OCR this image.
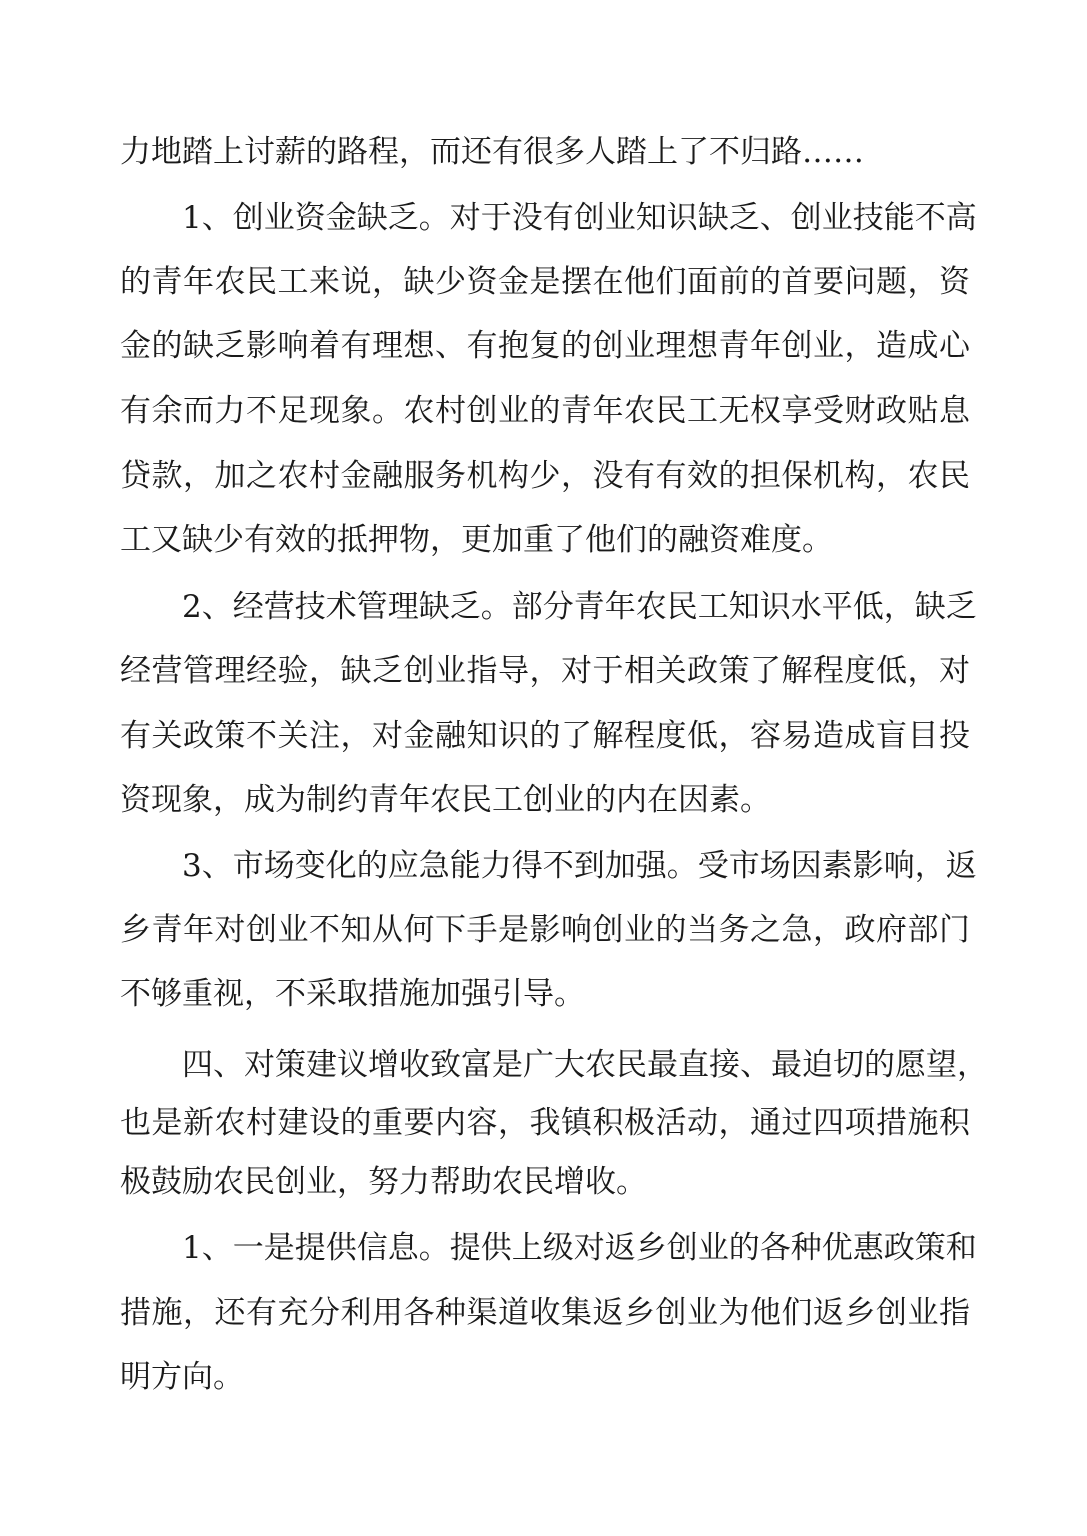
力地踏上讨薪的路程，而还有很多人踏上了不归路……
1、创业资金缺乏。对于没有创业知识缺乏、创业技能不高
的青年农民工来说，缺少资金是摆在他们面前的首要问题，资
金的缺乏影响着有理想、有抱复的创业理想青年创业，造成心
有余而力不足现象。农村创业的青年农民工无权享受财政贴息
贷款，加之农村金融服务机构少，没有有效的担保机构，农民
工又缺少有效的抵押物，更加重了他们的融资难度。
2、经营技术管理缺乏。部分青年农民工知识水平低，缺乏
经营管理经验，缺乏创业指导，对于相关政策了解程度低，对
有关政策不关注，对金融知识的了解程度低，容易造成盲目投
资现象，成为制约青年农民工创业的内在因素。
3、市场变化的应急能力得不到加强。受市场因素影响，返
乡青年对创业不知从何下手是影响创业的当务之急，政府部门
不够重视，不采取措施加强引导。
四、对策建议增收致富是广大农民最直接、最迫切的愿望，
也是新农村建设的重要内容，我镇积极活动，通过四项措施积
极鼓励农民创业，努力帮助农民增收。
1、一是提供信息。提供上级对返乡创业的各种优惠政策和
措施，还有充分利用各种渠道收集返乡创业为他们返乡创业指
明方向。
